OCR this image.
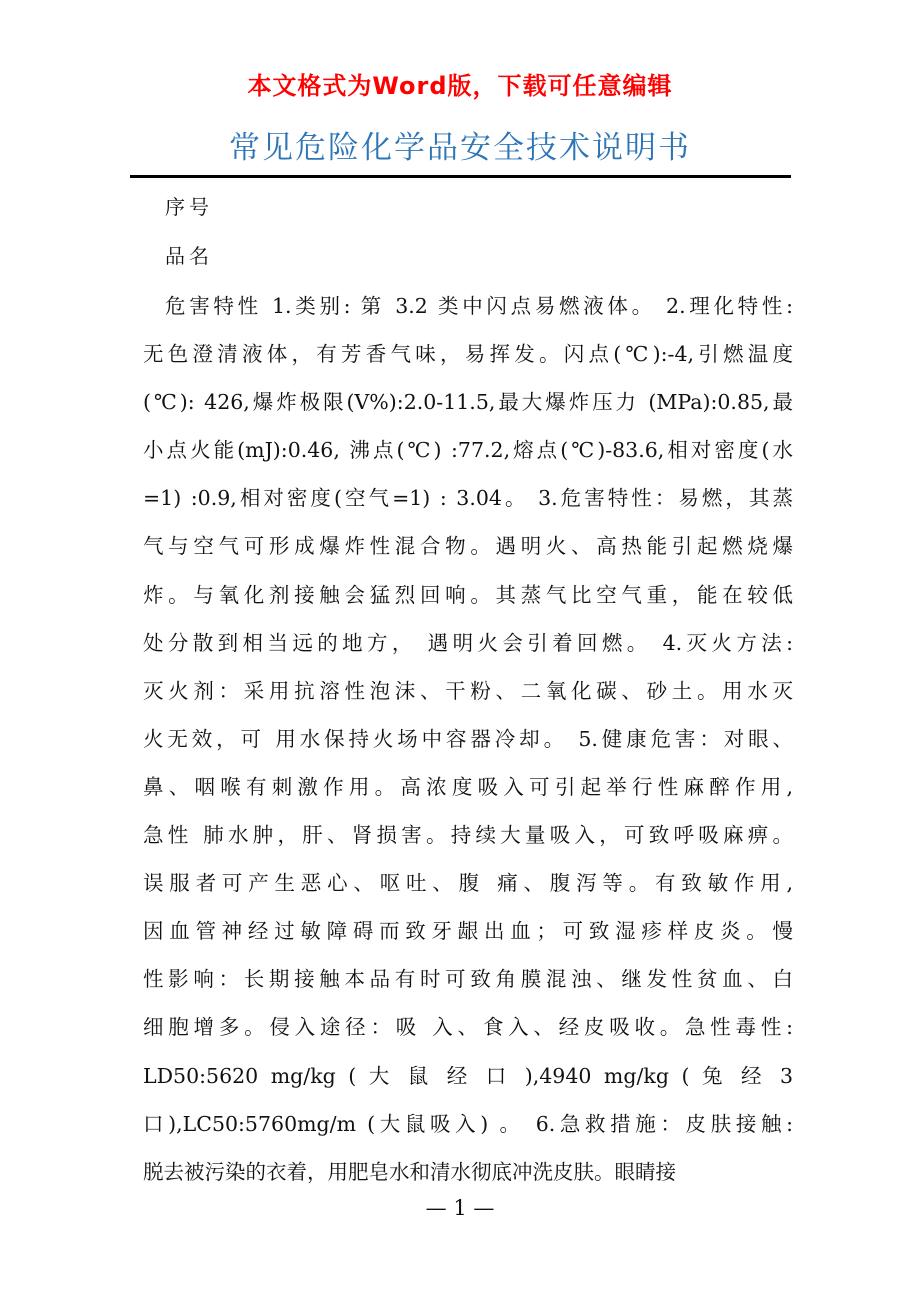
本文格式为Word版，下载可任意编辑
常见危险化学品安全技术说明书
序号
品名
危害特性 1.类别: 第 3.2 类中闪点易燃液体。 2.理化特性:
无色澄清液体，有芳香气味，易挥发。闪点(℃):-4,引燃温度
(℃): 426,爆炸极限(V%):2.0-11.5,最大爆炸压力 (MPa):0.85,最
小点火能(mJ):0.46, 沸点(℃) :77.2,熔点(℃)-83.6,相对密度(水
=1) :0.9,相对密度(空气=1) : 3.04。 3.危害特性：易燃，其蒸
气与空气可形成爆炸性混合物。遇明火、高热能引起燃烧爆
炸。与氧化剂接触会猛烈回响。其蒸气比空气重，能在较低
处分散到相当远的地方， 遇明火会引着回燃。 4.灭火方法:
灭火剂：采用抗溶性泡沫、干粉、二氧化碳、砂土。用水灭
火无效，可 用水保持火场中容器冷却。 5.健康危害：对眼、
鼻、咽喉有刺激作用。高浓度吸入可引起举行性麻醉作用,
急性 肺水肿，肝、肾损害。持续大量吸入，可致呼吸麻痹。
误服者可产生恶心、呕吐、腹 痛、腹泻等。有致敏作用,
因血管神经过敏障碍而致牙龈出血；可致湿疹样皮炎。慢
性影响：长期接触本品有时可致角膜混浊、继发性贫血、白
细胞增多。侵入途径：吸 入、食入、经皮吸收。急性毒性:
LD50:5620 mg/kg ( 大 鼠 经 口 ),4940 mg/kg ( 兔 经 3
口),LC50:5760mg/m (大鼠吸入) 。 6.急救措施：皮肤接触:
脱去被污染的衣着，用肥皂水和清水彻底冲洗皮肤。眼睛接
— 1 —
